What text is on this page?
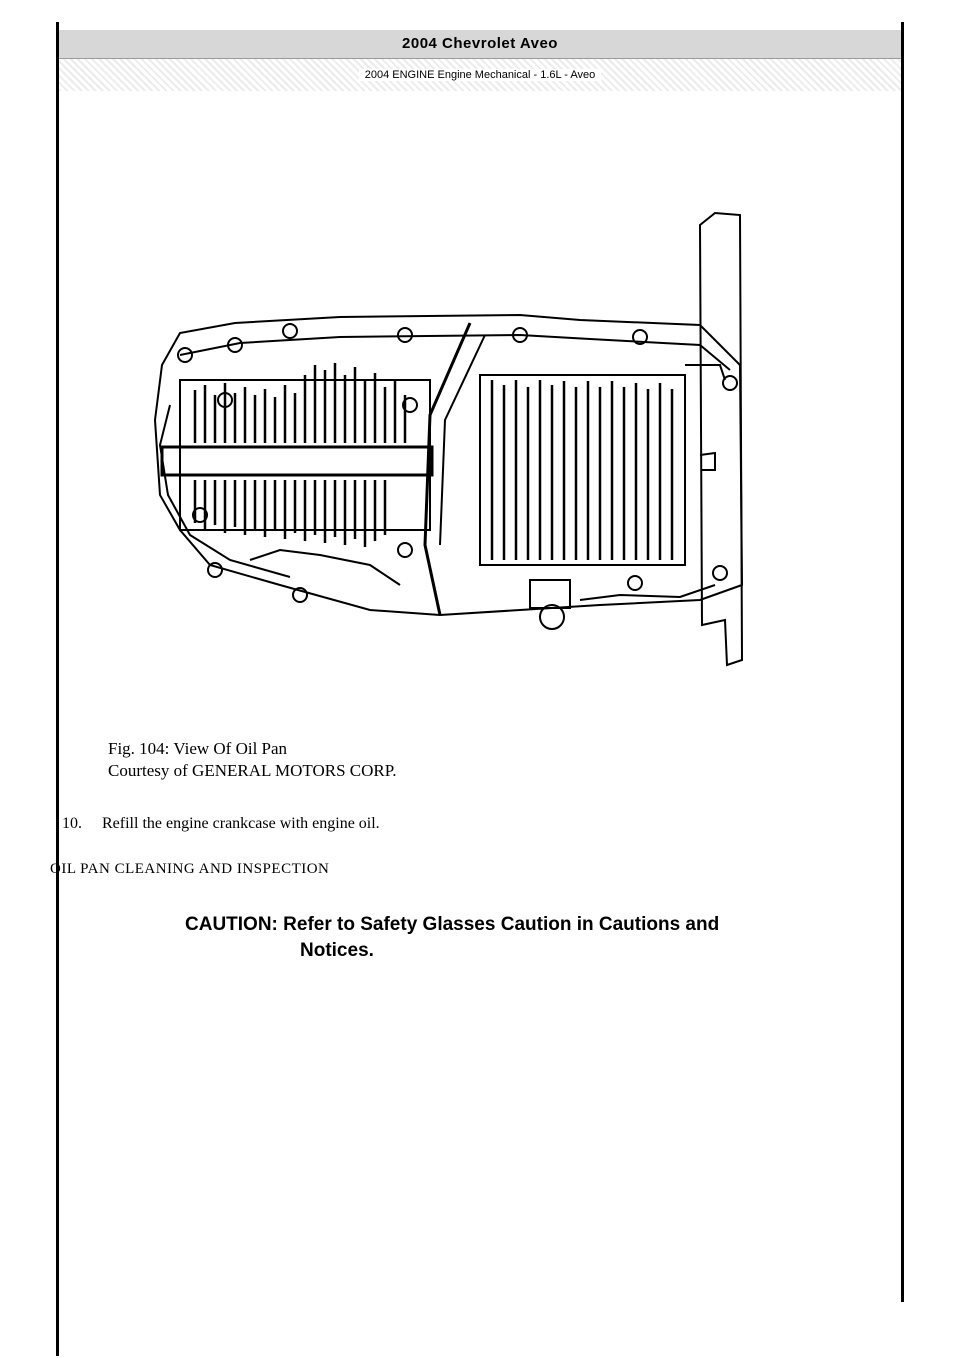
2004 Chevrolet Aveo
2004 ENGINE Engine Mechanical - 1.6L - Aveo
Fig. 104: View Of Oil Pan
Courtesy of GENERAL MOTORS CORP.
10. Refill the engine crankcase with engine oil.
OIL PAN CLEANING AND INSPECTION
CAUTION: Refer to Safety Glasses Caution in Cautions and
Notices.
